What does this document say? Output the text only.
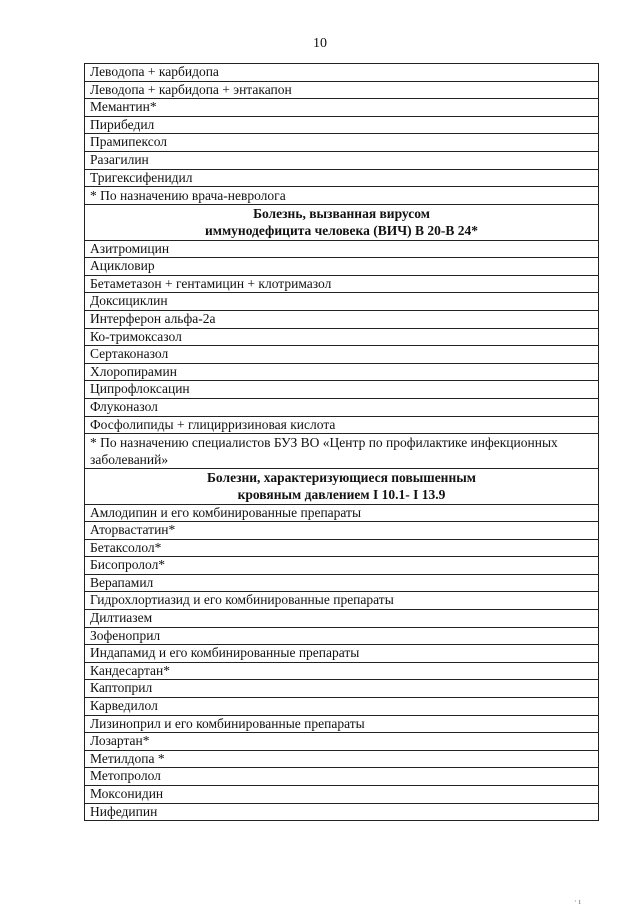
10
Леводопа + карбидопа
Леводопа + карбидопа + энтакапон
Мемантин*
Пирибедил
Прамипексол
Разагилин
Тригексифенидил
* По назначению врача-невролога

Болезнь, вызванная вирусом
иммунодефицита человека (ВИЧ) В 20-В 24*

Азитромицин
Ацикловир
Бетаметазон + гентамицин + клотримазол
Доксициклин
Интерферон альфа-2а
Ко-тримоксазол
Сертаконазол
Хлоропирамин
Ципрофлоксацин
Флуконазол
Фосфолипиды + глицирризиновая кислота
* По назначению специалистов БУЗ ВО «Центр по профилактике инфекционных заболеваний»

Болезни, характеризующиеся повышенным
кровяным давлением I 10.1- I 13.9

Амлодипин и его комбинированные препараты
Аторвастатин*
Бетаксолол*
Бисопролол*
Верапамил
Гидрохлортиазид и его комбинированные препараты
Дилтиазем
Зофеноприл
Индапамид и его комбинированные препараты
Кандесартан*
Каптоприл
Карведилол
Лизиноприл и его комбинированные препараты
Лозартан*
Метилдопа *
Метопролол
Моксонидин
Нифедипин
· ı
